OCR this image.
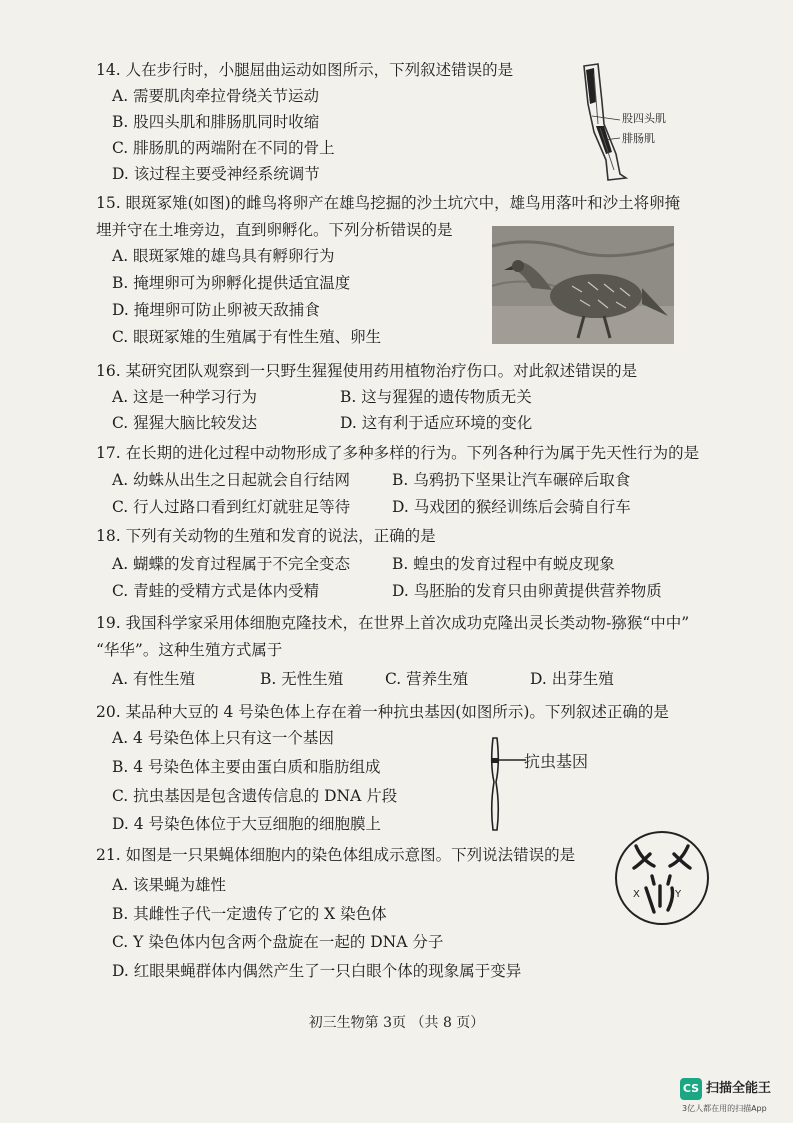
14. 人在步行时，小腿屈曲运动如图所示，下列叙述错误的是
A. 需要肌肉牵拉骨绕关节运动
B. 股四头肌和腓肠肌同时收缩
C. 腓肠肌的两端附在不同的骨上
D. 该过程主要受神经系统调节
股四头肌
腓肠肌
15. 眼斑冢雉(如图)的雌鸟将卵产在雄鸟挖掘的沙土坑穴中，雄鸟用落叶和沙土将卵掩
埋并守在土堆旁边，直到卵孵化。下列分析错误的是
A. 眼斑冢雉的雄鸟具有孵卵行为
B. 掩埋卵可为卵孵化提供适宜温度
D. 掩埋卵可防止卵被天敌捕食
C. 眼斑冢雉的生殖属于有性生殖、卵生
16. 某研究团队观察到一只野生猩猩使用药用植物治疗伤口。对此叙述错误的是
A. 这是一种学习行为	B. 这与猩猩的遗传物质无关
C. 猩猩大脑比较发达	D. 这有利于适应环境的变化
17. 在长期的进化过程中动物形成了多种多样的行为。下列各种行为属于先天性行为的是
A. 幼蛛从出生之日起就会自行结网	B. 乌鸦扔下坚果让汽车碾碎后取食
C. 行人过路口看到红灯就驻足等待	D. 马戏团的猴经训练后会骑自行车
18. 下列有关动物的生殖和发育的说法，正确的是
A. 蝴蝶的发育过程属于不完全变态	B. 蝗虫的发育过程中有蜕皮现象
C. 青蛙的受精方式是体内受精	D. 鸟胚胎的发育只由卵黄提供营养物质
19. 我国科学家采用体细胞克隆技术，在世界上首次成功克隆出灵长类动物-猕猴“中中”
“华华”。这种生殖方式属于
A. 有性生殖	B. 无性生殖	C. 营养生殖	D. 出芽生殖
20. 某品种大豆的 4 号染色体上存在着一种抗虫基因(如图所示)。下列叙述正确的是
A. 4 号染色体上只有这一个基因
B. 4 号染色体主要由蛋白质和脂肪组成
C. 抗虫基因是包含遗传信息的 DNA 片段
D. 4 号染色体位于大豆细胞的细胞膜上
抗虫基因
21. 如图是一只果蝇体细胞内的染色体组成示意图。下列说法错误的是
A. 该果蝇为雄性
B. 其雌性子代一定遗传了它的 X 染色体
C. Y 染色体内包含两个盘旋在一起的 DNA 分子
D. 红眼果蝇群体内偶然产生了一只白眼个体的现象属于变异
X	Y
初三生物第 3页 （共 8 页）
CS 扫描全能王
3亿人都在用的扫描App
